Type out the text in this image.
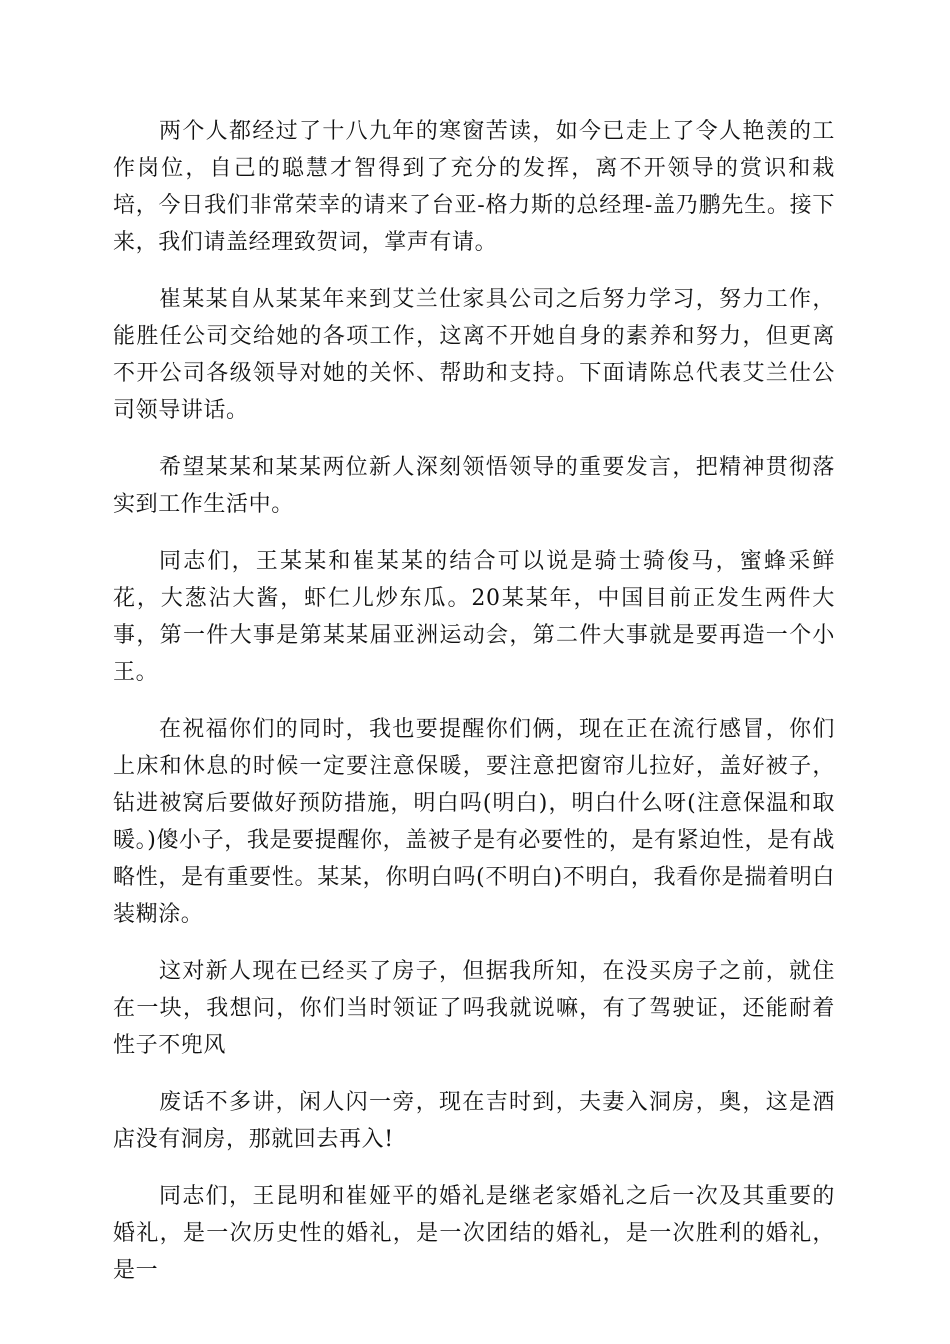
两个人都经过了十八九年的寒窗苦读，如今已走上了令人艳羡的工作岗位，自己的聪慧才智得到了充分的发挥，离不开领导的赏识和栽培，今日我们非常荣幸的请来了台亚-格力斯的总经理-盖乃鹏先生。接下来，我们请盖经理致贺词，掌声有请。

崔某某自从某某年来到艾兰仕家具公司之后努力学习，努力工作，能胜任公司交给她的各项工作，这离不开她自身的素养和努力，但更离不开公司各级领导对她的关怀、帮助和支持。下面请陈总代表艾兰仕公司领导讲话。

希望某某和某某两位新人深刻领悟领导的重要发言，把精神贯彻落实到工作生活中。

同志们，王某某和崔某某的结合可以说是骑士骑俊马，蜜蜂采鲜花，大葱沾大酱，虾仁儿炒东瓜。20某某年，中国目前正发生两件大事，第一件大事是第某某届亚洲运动会，第二件大事就是要再造一个小王。

在祝福你们的同时，我也要提醒你们俩，现在正在流行感冒，你们上床和休息的时候一定要注意保暖，要注意把窗帘儿拉好，盖好被子，钻进被窝后要做好预防措施，明白吗(明白)，明白什么呀(注意保温和取暖。)傻小子，我是要提醒你，盖被子是有必要性的，是有紧迫性，是有战略性，是有重要性。某某，你明白吗(不明白)不明白，我看你是揣着明白装糊涂。

这对新人现在已经买了房子，但据我所知，在没买房子之前，就住在一块，我想问，你们当时领证了吗我就说嘛，有了驾驶证，还能耐着性子不兜风

废话不多讲，闲人闪一旁，现在吉时到，夫妻入洞房，奥，这是酒店没有洞房，那就回去再入!

同志们，王昆明和崔娅平的婚礼是继老家婚礼之后一次及其重要的婚礼，是一次历史性的婚礼，是一次团结的婚礼，是一次胜利的婚礼，是一
